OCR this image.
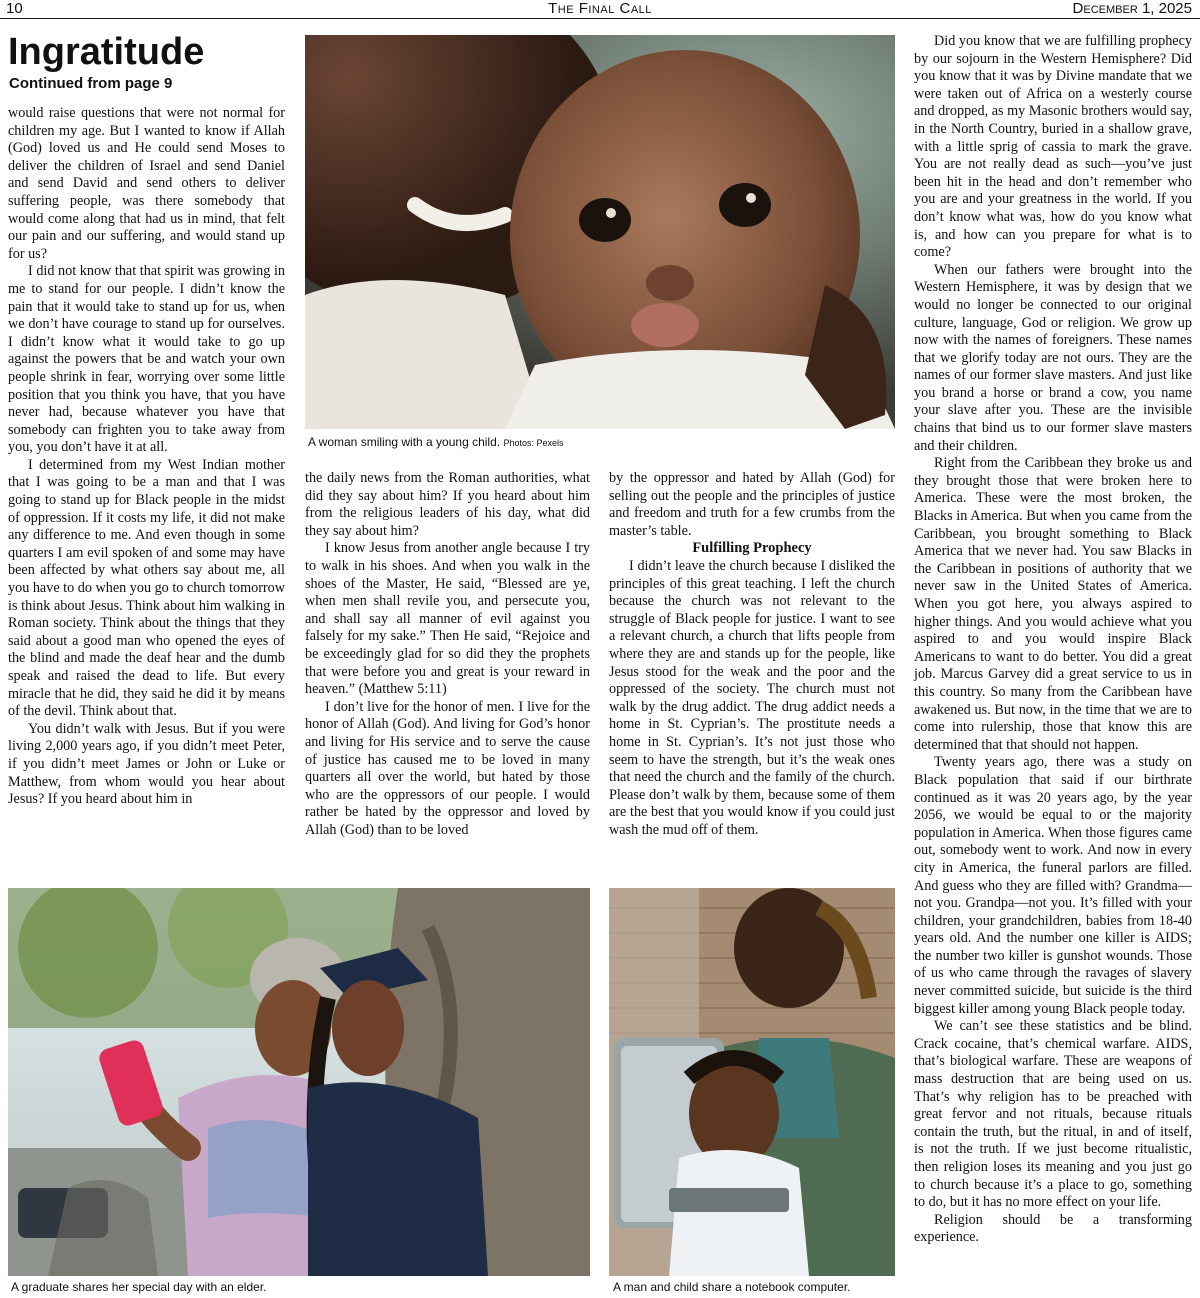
10	The Final Call	December 1, 2025
Ingratitude
Continued from page 9

would raise questions that were not normal for children my age. But I wanted to know if Allah (God) loved us and He could send Moses to deliver the children of Israel and send Daniel and send David and send others to deliver suffering people, was there somebody that would come along that had us in mind, that felt our pain and our suffering, and would stand up for us?

I did not know that that spirit was growing in me to stand for our people. I didn’t know the pain that it would take to stand up for us, when we don’t have courage to stand up for ourselves. I didn’t know what it would take to go up against the powers that be and watch your own people shrink in fear, worrying over some little position that you think you have, that you have never had, because whatever you have that somebody can frighten you to take away from you, you don’t have it at all.

I determined from my West Indian mother that I was going to be a man and that I was going to stand up for Black people in the midst of oppression. If it costs my life, it did not make any difference to me. And even though in some quarters I am evil spoken of and some may have been affected by what others say about me, all you have to do when you go to church tomorrow is think about Jesus. Think about him walking in Roman society. Think about the things that they said about a good man who opened the eyes of the blind and made the deaf hear and the dumb speak and raised the dead to life. But every miracle that he did, they said he did it by means of the devil. Think about that.

You didn’t walk with Jesus. But if you were living 2,000 years ago, if you didn’t meet Peter, if you didn’t meet James or John or Luke or Matthew, from whom would you hear about Jesus? If you heard about him in

A woman smiling with a young child. Photos: Pexels

the daily news from the Roman authorities, what did they say about him? If you heard about him from the religious leaders of his day, what did they say about him?

I know Jesus from another angle because I try to walk in his shoes. And when you walk in the shoes of the Master, He said, “Blessed are ye, when men shall revile you, and persecute you, and shall say all manner of evil against you falsely for my sake.” Then He said, “Rejoice and be exceedingly glad for so did they the prophets that were before you and great is your reward in heaven.” (Matthew 5:11)

I don’t live for the honor of men. I live for the honor of Allah (God). And living for God’s honor and living for His service and to serve the cause of justice has caused me to be loved in many quarters all over the world, but hated by those who are the oppressors of our people. I would rather be hated by the oppressor and loved by Allah (God) than to be loved

by the oppressor and hated by Allah (God) for selling out the people and the principles of justice and freedom and truth for a few crumbs from the master’s table.

Fulfilling Prophecy

I didn’t leave the church because I disliked the principles of this great teaching. I left the church because the church was not relevant to the struggle of Black people for justice. I want to see a relevant church, a church that lifts people from where they are and stands up for the people, like Jesus stood for the weak and the poor and the oppressed of the society. The church must not walk by the drug addict. The drug addict needs a home in St. Cyprian’s. The prostitute needs a home in St. Cyprian’s. It’s not just those who seem to have the strength, but it’s the weak ones that need the church and the family of the church. Please don’t walk by them, because some of them are the best that you would know if you could just wash the mud off of them.

Did you know that we are fulfilling prophecy by our sojourn in the Western Hemisphere? Did you know that it was by Divine mandate that we were taken out of Africa on a westerly course and dropped, as my Masonic brothers would say, in the North Country, buried in a shallow grave, with a little sprig of cassia to mark the grave. You are not really dead as such—you’ve just been hit in the head and don’t remember who you are and your greatness in the world. If you don’t know what was, how do you know what is, and how can you prepare for what is to come?

When our fathers were brought into the Western Hemisphere, it was by design that we would no longer be connected to our original culture, language, God or religion. We grow up now with the names of foreigners. These names that we glorify today are not ours. They are the names of our former slave masters. And just like you brand a horse or brand a cow, you name your slave after you. These are the invisible chains that bind us to our former slave masters and their children.

Right from the Caribbean they broke us and they brought those that were broken here to America. These were the most broken, the Blacks in America. But when you came from the Caribbean, you brought something to Black America that we never had. You saw Blacks in the Caribbean in positions of authority that we never saw in the United States of America. When you got here, you always aspired to higher things. And you would achieve what you aspired to and you would inspire Black Americans to want to do better. You did a great job. Marcus Garvey did a great service to us in this country. So many from the Caribbean have awakened us. But now, in the time that we are to come into rulership, those that know this are determined that that should not happen.

Twenty years ago, there was a study on Black population that said if our birthrate continued as it was 20 years ago, by the year 2056, we would be equal to or the majority population in America. When those figures came out, somebody went to work. And now in every city in America, the funeral parlors are filled. And guess who they are filled with? Grandma—not you. Grandpa—not you. It’s filled with your children, your grandchildren, babies from 18-40 years old. And the number one killer is AIDS; the number two killer is gunshot wounds. Those of us who came through the ravages of slavery never committed suicide, but suicide is the third biggest killer among young Black people today.

We can’t see these statistics and be blind. Crack cocaine, that’s chemical warfare. AIDS, that’s biological warfare. These are weapons of mass destruction that are being used on us. That’s why religion has to be preached with great fervor and not rituals, because rituals contain the truth, but the ritual, in and of itself, is not the truth. If we just become ritualistic, then religion loses its meaning and you just go to church because it’s a place to go, something to do, but it has no more effect on your life.

Religion should be a transforming experience.

A graduate shares her special day with an elder.	A man and child share a notebook computer.
